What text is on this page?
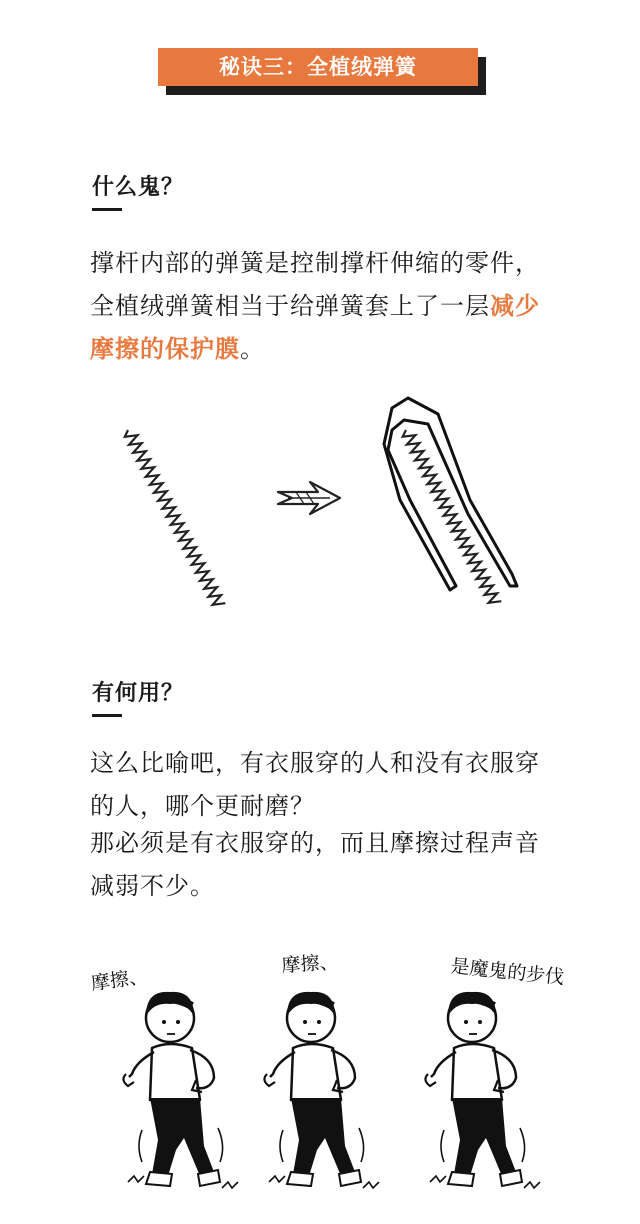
秘诀三：全植绒弹簧
什么鬼？
撑杆内部的弹簧是控制撑杆伸缩的零件，全植绒弹簧相当于给弹簧套上了一层减少摩擦的保护膜。
有何用？
这么比喻吧，有衣服穿的人和没有衣服穿的人，哪个更耐磨？
那必须是有衣服穿的，而且摩擦过程声音减弱不少。
摩擦、
摩擦、	是魔鬼的步伐
